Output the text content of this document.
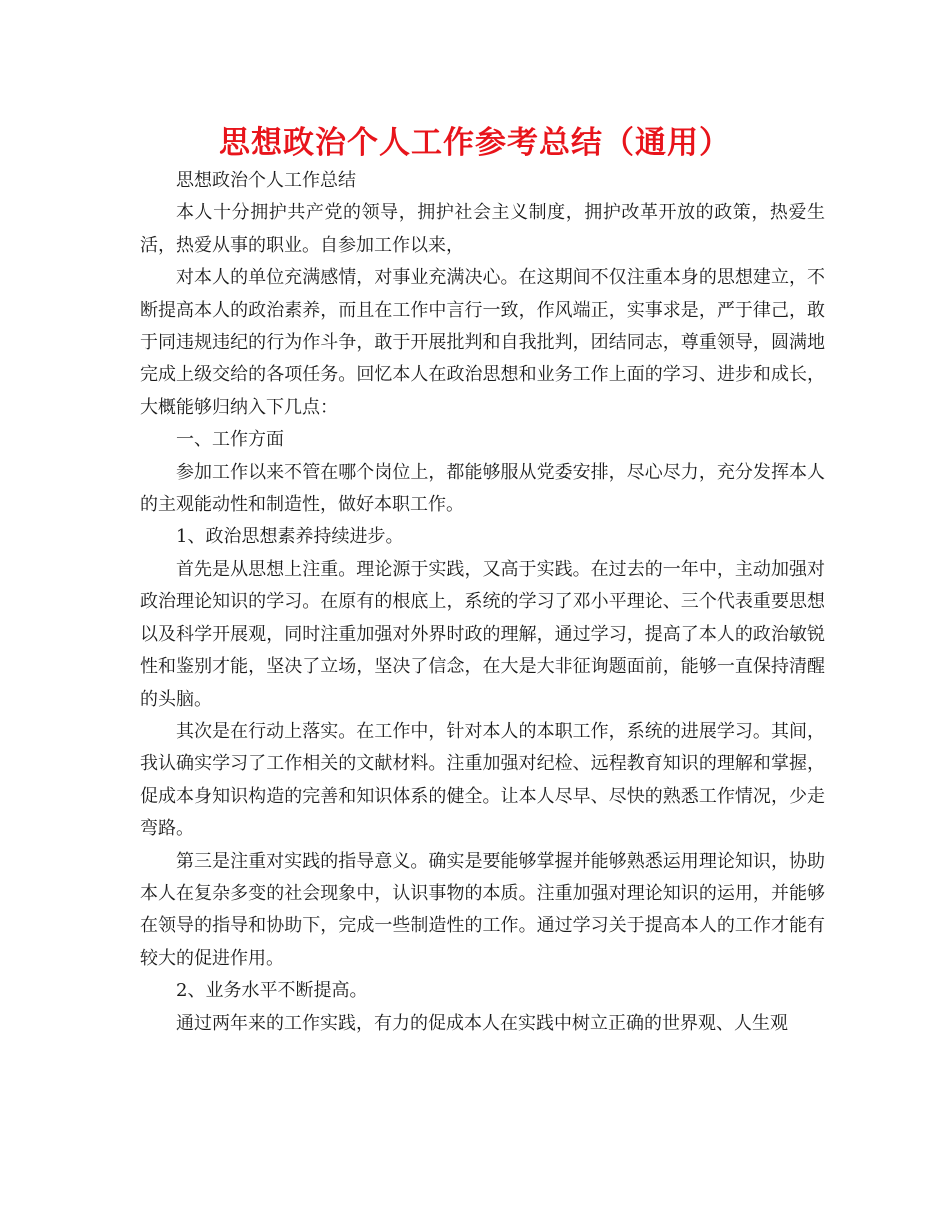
思想政治个人工作参考总结（通用）

思想政治个人工作总结

本人十分拥护共产党的领导，拥护社会主义制度，拥护改革开放的政策，热爱生活，热爱从事的职业。自参加工作以来，

对本人的单位充满感情，对事业充满决心。在这期间不仅注重本身的思想建立，不断提高本人的政治素养，而且在工作中言行一致，作风端正，实事求是，严于律己，敢于同违规违纪的行为作斗争，敢于开展批判和自我批判，团结同志，尊重领导，圆满地完成上级交给的各项任务。回忆本人在政治思想和业务工作上面的学习、进步和成长，大概能够归纳入下几点：

一、工作方面

参加工作以来不管在哪个岗位上，都能够服从党委安排，尽心尽力，充分发挥本人的主观能动性和制造性，做好本职工作。

1、政治思想素养持续进步。

首先是从思想上注重。理论源于实践，又高于实践。在过去的一年中，主动加强对政治理论知识的学习。在原有的根底上，系统的学习了邓小平理论、三个代表重要思想以及科学开展观，同时注重加强对外界时政的理解，通过学习，提高了本人的政治敏锐性和鉴别才能，坚决了立场，坚决了信念，在大是大非征询题面前，能够一直保持清醒的头脑。

其次是在行动上落实。在工作中，针对本人的本职工作，系统的进展学习。其间，我认确实学习了工作相关的文献材料。注重加强对纪检、远程教育知识的理解和掌握，促成本身知识构造的完善和知识体系的健全。让本人尽早、尽快的熟悉工作情况，少走弯路。

第三是注重对实践的指导意义。确实是要能够掌握并能够熟悉运用理论知识，协助本人在复杂多变的社会现象中，认识事物的本质。注重加强对理论知识的运用，并能够在领导的指导和协助下，完成一些制造性的工作。通过学习关于提高本人的工作才能有较大的促进作用。

2、业务水平不断提高。

通过两年来的工作实践，有力的促成本人在实践中树立正确的世界观、人生观
